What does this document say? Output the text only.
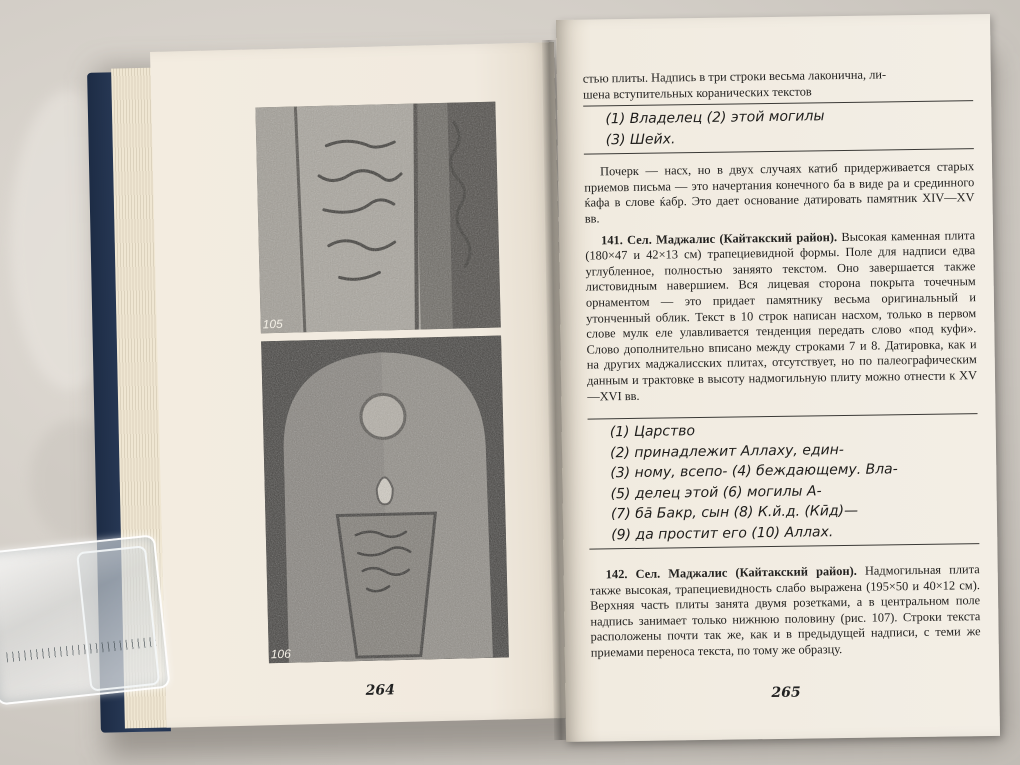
105
106
264
стью плиты. Надпись в три строки весьма лаконична, ли-
шена вступительных коранических текстов
(1) Владелец (2) этой могилы
(3) Шейх.

Почерк — насх, но в двух случаях катиб придерживается старых приемов письма — это начертания конечного ба в виде ра и срединного ќафа в слове ќабр. Это дает основание датировать памятник XIV—XV вв.

141. Сел. Маджалис (Кайтакский район). Высокая каменная плита (180×47 и 42×13 см) трапециевидной формы. Поле для надписи едва углубленное, полностью заняято текстом. Оно завершается также листовидным навершием. Вся лицевая сторона покрыта точечным орнаментом — это придает памятнику весьма оригинальный и утонченный облик. Текст в 10 строк написан насхом, только в первом слове мулк еле улавливается тенденция передать слово «под куфи». Слово дополнительно вписано между строками 7 и 8. Датировка, как и на других маджалисских плитах, отсутствует, но по палеографическим данным и трактовке в высоту надмогильную плиту можно отнести к XV—XVI вв.

(1) Царство
(2) принадлежит Аллаху, един-
(3) ному, всепо- (4) беждающему. Вла-
(5) делец этой (6) могилы А-
(7) ба̄ Бакр, сын (8) К.й.д. (Кӣд)—
(9) да простит его (10) Аллах.

142. Сел. Маджалис (Кайтакский район). Надмогильная плита также высокая, трапециевидность слабо выражена (195×50 и 40×12 см). Верхняя часть плиты занята двумя розетками, а в центральном поле надпись занимает только нижнюю половину (рис. 107). Строки текста расположены почти так же, как и в предыдущей надписи, с теми же приемами переноса текста, по тому же образцу.

265
